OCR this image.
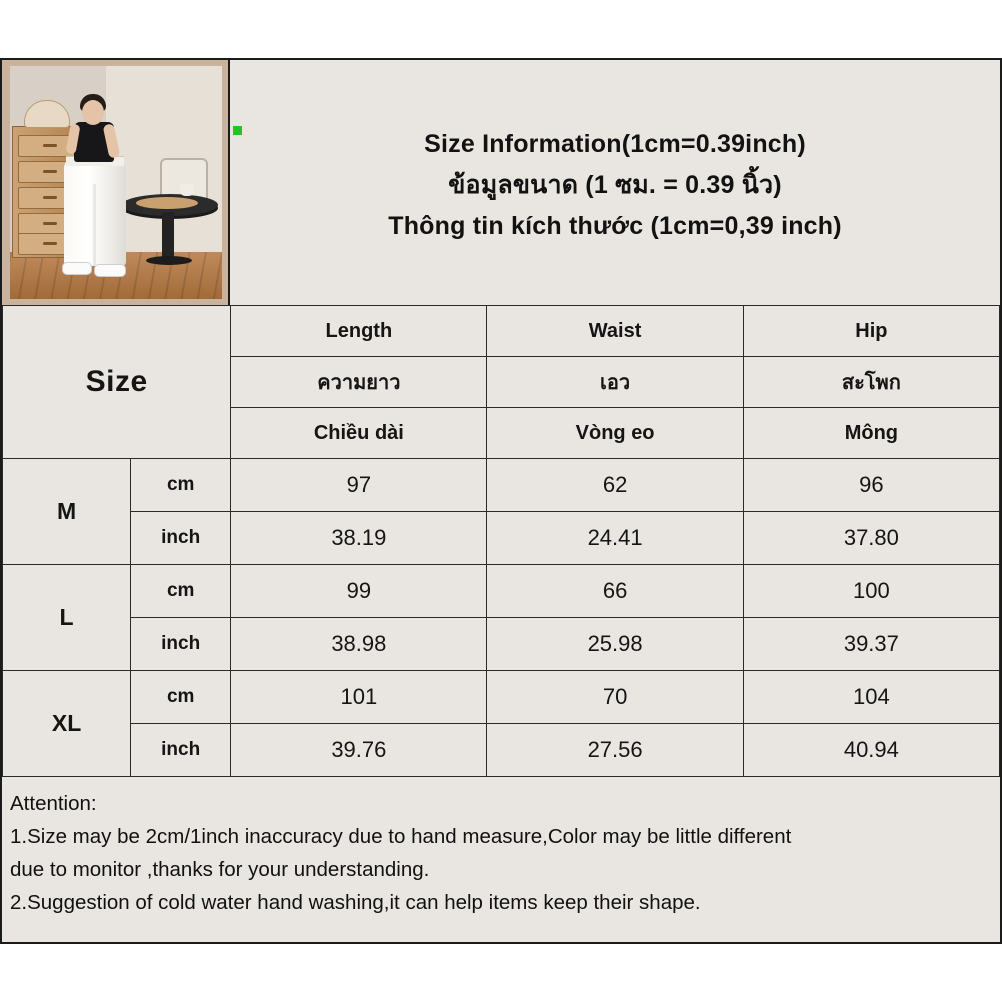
Size Information(1cm=0.39inch)
ข้อมูลขนาด (1 ซม. = 0.39 นิ้ว)
Thông tin kích thước (1cm=0,39 inch)
Size		Length	Waist	Hip
		ความยาว	เอว	สะโพก
		Chiều dài	Vòng eo	Mông
M	cm	97	62	96
	inch	38.19	24.41	37.80
L	cm	99	66	100
	inch	38.98	25.98	39.37
XL	cm	101	70	104
	inch	39.76	27.56	40.94
Attention:
1.Size may be 2cm/1inch inaccuracy due to hand measure,Color may be little different
due to monitor ,thanks for your understanding.
2.Suggestion of cold water hand washing,it can help items keep their shape.
